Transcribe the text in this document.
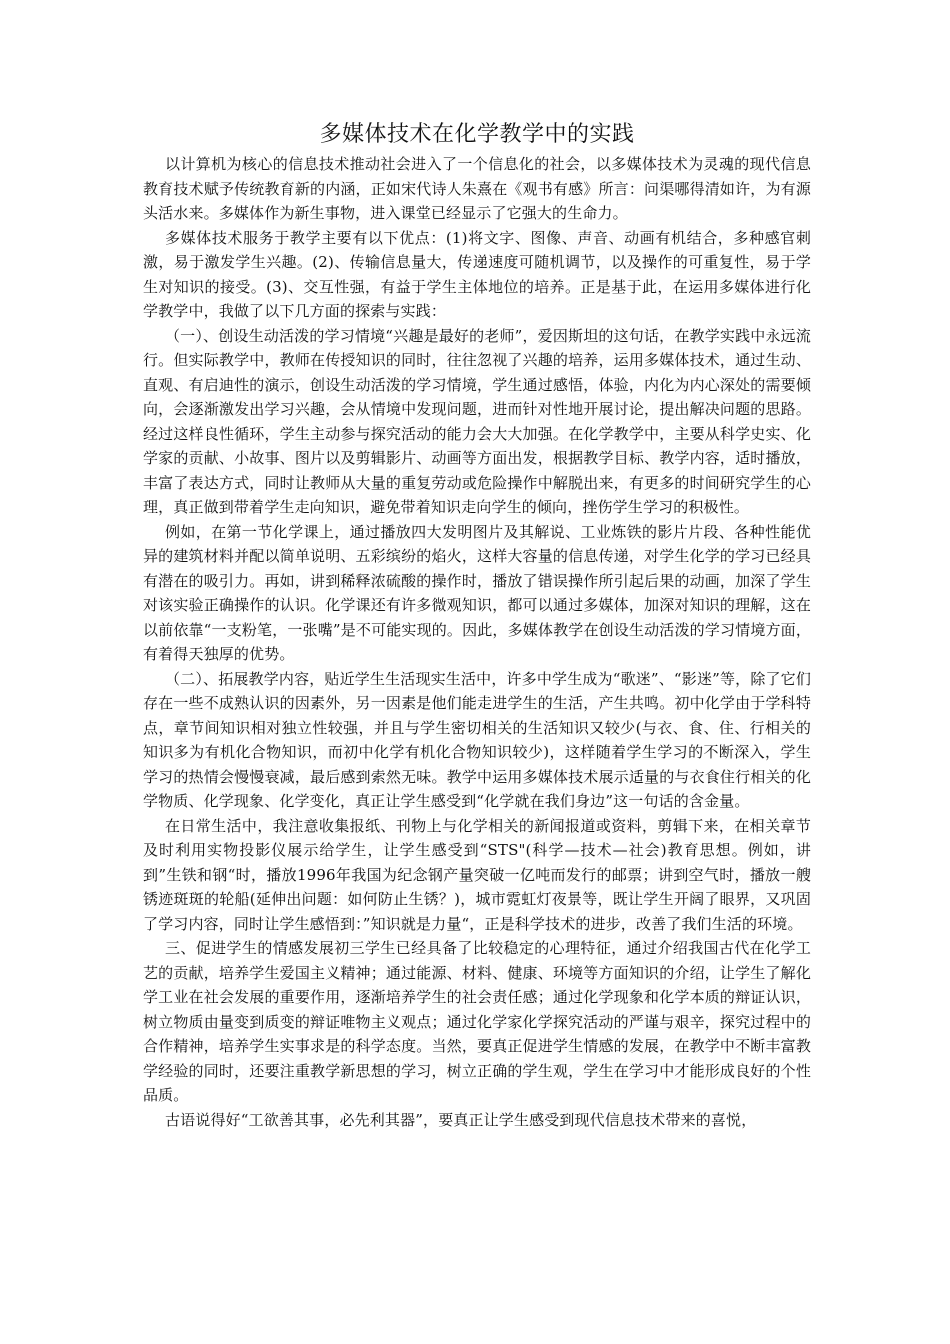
多媒体技术在化学教学中的实践

以计算机为核心的信息技术推动社会进入了一个信息化的社会，以多媒体技术为灵魂的现代信息教育技术赋予传统教育新的内涵，正如宋代诗人朱熹在《观书有感》所言：问渠哪得清如许，为有源头活水来。多媒体作为新生事物，进入课堂已经显示了它强大的生命力。

多媒体技术服务于教学主要有以下优点：(1)将文字、图像、声音、动画有机结合，多种感官刺激，易于激发学生兴趣。(2)、传输信息量大，传递速度可随机调节，以及操作的可重复性，易于学生对知识的接受。(3)、交互性强，有益于学生主体地位的培养。正是基于此，在运用多媒体进行化学教学中，我做了以下几方面的探索与实践：

（一）、创设生动活泼的学习情境“兴趣是最好的老师”，爱因斯坦的这句话，在教学实践中永远流行。但实际教学中，教师在传授知识的同时，往往忽视了兴趣的培养，运用多媒体技术，通过生动、直观、有启迪性的演示，创设生动活泼的学习情境，学生通过感悟，体验，内化为内心深处的需要倾向，会逐渐激发出学习兴趣，会从情境中发现问题，进而针对性地开展讨论，提出解决问题的思路。经过这样良性循环，学生主动参与探究活动的能力会大大加强。在化学教学中，主要从科学史实、化学家的贡献、小故事、图片以及剪辑影片、动画等方面出发，根据教学目标、教学内容，适时播放，丰富了表达方式，同时让教师从大量的重复劳动或危险操作中解脱出来，有更多的时间研究学生的心理，真正做到带着学生走向知识，避免带着知识走向学生的倾向，挫伤学生学习的积极性。

例如，在第一节化学课上，通过播放四大发明图片及其解说、工业炼铁的影片片段、各种性能优异的建筑材料并配以简单说明、五彩缤纷的焰火，这样大容量的信息传递，对学生化学的学习已经具有潜在的吸引力。再如，讲到稀释浓硫酸的操作时，播放了错误操作所引起后果的动画，加深了学生对该实验正确操作的认识。化学课还有许多微观知识，都可以通过多媒体，加深对知识的理解，这在以前依靠“一支粉笔，一张嘴”是不可能实现的。因此，多媒体教学在创设生动活泼的学习情境方面，有着得天独厚的优势。

（二）、拓展教学内容，贴近学生生活现实生活中，许多中学生成为“歌迷”、“影迷”等，除了它们存在一些不成熟认识的因素外，另一因素是他们能走进学生的生活，产生共鸣。初中化学由于学科特点，章节间知识相对独立性较强，并且与学生密切相关的生活知识又较少(与衣、食、住、行相关的知识多为有机化合物知识，而初中化学有机化合物知识较少)，这样随着学生学习的不断深入，学生学习的热情会慢慢衰减，最后感到索然无味。教学中运用多媒体技术展示适量的与衣食住行相关的化学物质、化学现象、化学变化，真正让学生感受到“化学就在我们身边”这一句话的含金量。

在日常生活中，我注意收集报纸、刊物上与化学相关的新闻报道或资料，剪辑下来，在相关章节及时利用实物投影仪展示给学生，让学生感受到“STS"(科学—技术—社会)教育思想。例如，讲到”生铁和钢“时，播放1996年我国为纪念钢产量突破一亿吨而发行的邮票；讲到空气时，播放一艘锈迹斑斑的轮船(延伸出问题：如何防止生锈？)，城市霓虹灯夜景等，既让学生开阔了眼界，又巩固了学习内容，同时让学生感悟到：”知识就是力量“，正是科学技术的进步，改善了我们生活的环境。

三、促进学生的情感发展初三学生已经具备了比较稳定的心理特征，通过介绍我国古代在化学工艺的贡献，培养学生爱国主义精神；通过能源、材料、健康、环境等方面知识的介绍，让学生了解化学工业在社会发展的重要作用，逐渐培养学生的社会责任感；通过化学现象和化学本质的辩证认识，树立物质由量变到质变的辩证唯物主义观点；通过化学家化学探究活动的严谨与艰辛，探究过程中的合作精神，培养学生实事求是的科学态度。当然，要真正促进学生情感的发展，在教学中不断丰富教学经验的同时，还要注重教学新思想的学习，树立正确的学生观，学生在学习中才能形成良好的个性品质。

古语说得好“工欲善其事，必先利其器”，要真正让学生感受到现代信息技术带来的喜悦，
